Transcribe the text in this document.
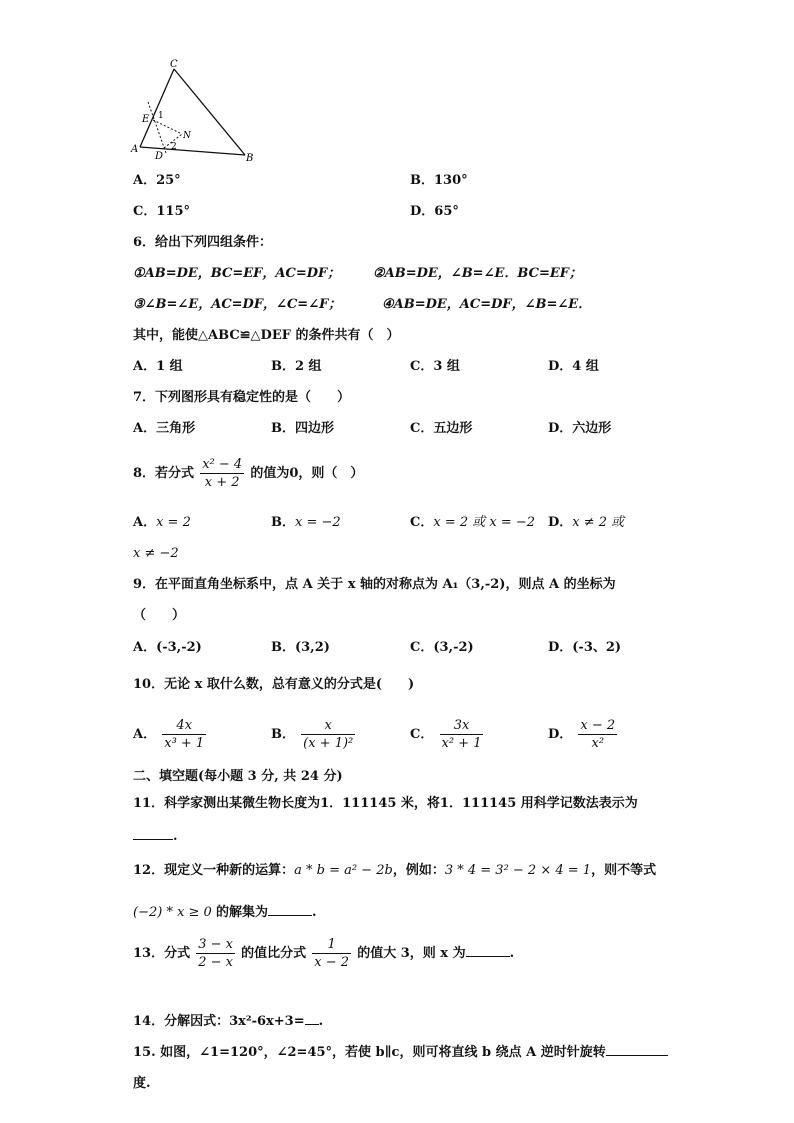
C
E 1
N
A
D
2
B
A．25°	B．130°
C．115°	D．65°
6．给出下列四组条件：
①AB=DE，BC=EF，AC=DF；	②AB=DE，∠B=∠E．BC=EF；
③∠B=∠E，AC=DF，∠C=∠F；	④AB=DE，AC=DF，∠B=∠E．
其中，能使△ABC≌△DEF 的条件共有（　）
A．1 组	B．2 组	C．3 组	D．4 组
7．下列图形具有稳定性的是（　　）
A．三角形	B．四边形	C．五边形	D．六边形
8．若分式 $\frac{\text{x² − 4}}{x + 2}$ 的值为0，则（　）
A．x = 2	B．x = −2	C．x = 2 或 x = −2 D．x ≠ 2 或
x ≠ −2
9．在平面直角坐标系中，点 A 关于 x 轴的对称点为 A₁（3,-2)，则点 A 的坐标为
（　　）
A．(-3,-2)	B．(3,2)	C．(3,-2)	D．(-3、2)
10．无论 x 取什么数，总有意义的分式是(　　)
A． $\frac{4x}{\text{x³ + 1}}$	B． $\frac{x}{\text{(x + 1)²}}$	C． $\frac{3x}{\text{x² + 1}}$	D． $\frac{x - 2}{\text{x²}}$
二、填空题(每小题 3 分, 共 24 分)
11．科学家测出某微生物长度为1．111145 米，将1．111145 用科学记数法表示为
.
12．现定义一种新的运算：a * b = a² − 2b，例如：3 * 4 = 3² − 2 × 4 = 1，则不等式
(−2) * x ≥ 0 的解集为	.
13．分式 $\frac{3 - x}{2 - x}$ 的值比分式 $\frac{1}{x - 2}$ 的值大 3，则 x 为	.
14．分解因式：3x²-6x+3= .
15. 如图，∠1=120°，∠2=45°，若使 b∥c，则可将直线 b 绕点 A 逆时针旋转
度.
